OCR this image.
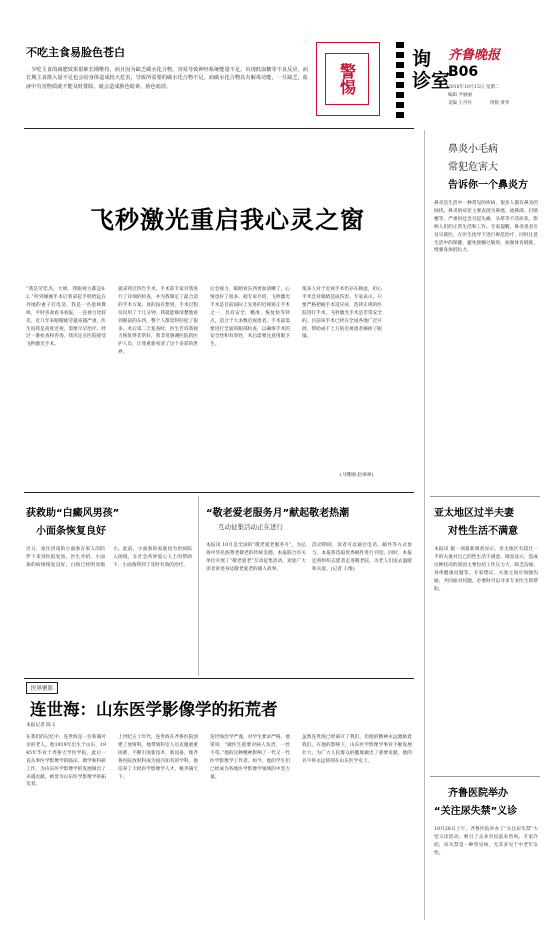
警惕
询
诊室
齐鲁晚报
B06
2016年10月15日 星期二
编辑 尹丽丽
美编 王丹丹	组版 黄华
不吃主食易脸色苍白
少吃主食的减肥效果很难长期维持，而且因为缺乏碳水化合物，容易导致神经系统能量不足，出现低血糖等不良反应。而长期主食摄入量不足也会给身体造成较大危害，导致所需要的碳水化合物不足，而碳水化合物具有解毒功能，一旦缺乏，血液中有害物质就不能及时排除，就会造成脸色暗黄、脸色暗淡。
飞秒激光重启我心灵之窗
“我是劳佳杰，大姐，我眼视力都是0.2，”听到刚刚手术后我拿起手机给远在外地的妻子打电话。我是一名退休教师，平时喜欢看书看报，一直视力比较差，近几年来眼睛疲劳越来越严重，医生说我是高度近视，需要尽早治疗。经过一番检查和咨询，我决定在医院接受飞秒激光手术。
就拿到过四台手术，手术前专家对我进行了详细的检查，并为我制定了最合适的手术方案。真的没有想到，手术过程仅仅用了十几分钟，我就能够清楚地看到眼前的东西，整个人都觉得轻松了很多。术后第二天复查时，医生告诉我视力恢复得非常好，我非常感谢医院的医护人员，让我重新看清了这个多彩的世界。
后会视力，眼睛看东西更加清晰了，心情也好了很多。据专家介绍，飞秒激光手术是目前国际上先进的近视矫正手术之一，具有安全、精准、恢复快等特点，适合于大多数近视患者。手术前需要进行全面的眼部检查，以确保手术的安全性和有效性，术后需要注意用眼卫生。
很多人对于近视手术仍存在顾虑，担心手术会对眼睛造成伤害。专家表示，只要严格把握手术适应症，选择正规的医院进行手术，飞秒激光手术是非常安全的。目前该手术已经在全国各地广泛开展，帮助成千上万的近视患者摘掉了眼镜。
(马继刚 赵翠翠)
鼻炎小毛病
常犯危害大
告诉你一个鼻炎方
鼻炎是生活中一种常见的疾病，很多人都有鼻炎的困扰。鼻炎的症状主要表现为鼻塞、流鼻涕、打喷嚏等，严重时还会引起头痛、头晕等不适症状，影响人们的正常生活和工作。专家提醒，鼻炎患者应及早就医，在医生指导下进行规范治疗，同时注意生活中的保健，避免接触过敏原，加强体育锻炼，增强身体抵抗力。
亚太地区过半夫妻
对性生活不满意
本报讯 据一项最新调查显示，亚太地区有超过一半的夫妻对自己的性生活不满意。调查显示，造成这种状况的原因主要包括工作压力大、缺乏沟通、身体健康问题等。专家建议，夫妻之间应加强沟通，共同面对问题，必要时可以寻求专业医生的帮助。
齐鲁医院举办
“关注尿失禁”义诊
10月26日上午，齐鲁医院举办了“关注尿失禁”大型义诊活动，吸引了众多市民前来咨询。专家介绍，尿失禁是一种常见病，尤其多见于中老年女性。
获救助“白癜风男孩”
小面条恢复良好
近日，家住济南的小面条在家人的陪伴下来到医院复查。医生介绍，小面条的病情恢复良好，白斑已经明显缩小。此前，小面条的家庭因为治病陷入困境，在社会各界爱心人士的帮助下，小面条得到了及时有效的治疗。
“敬老爱老服务月”献起敬老热潮
互动征集活动正在进行
本报讯 10月是全国的“敬老爱老服务月”，为弘扬中华民族尊老敬老的传统美德，本报联合有关单位开展了“敬老爱老”互动征集活动。欢迎广大读者讲述身边敬老爱老的感人故事。
活动期间，读者可以通过电话、邮件等方式参与，本报将选取优秀稿件进行刊登。同时，本报还将组织志愿者走进敬老院，为老人们送去温暖和关爱。(记者 王维)
医界聚影
连世海：山东医学影像学的拓荒者
本报记者 陈玉
在我们的记忆中，连世海是一位和蔼可亲的老人。他1919年出生于山东，1945年毕业于齐鲁大学医学院，此后一直从事医学影像学的临床、教学和科研工作，为山东医学影像学的发展做出了卓越贡献，被誉为山东医学影像学的拓荒者。
上世纪五十年代，连世海在齐鲁医院创建了放射科，他带领科室人员克服重重困难，不断引进新技术、新设备，使齐鲁医院放射科成为国内知名的学科。他培养了大批医学影像学人才，桃李满天下。
连世海治学严谨，对学生要求严格，他常说：“做医生就要对病人负责，一丝不苟。”他的这种精神影响了一代又一代医学影像学工作者。如今，他的学生们已经成为各地医学影像学领域的中坚力量。
虽然连世海已经离开了我们，但他的精神永远激励着我们。在他的影响下，山东医学影像学事业不断发展壮大，为广大人民群众的健康做出了重要贡献，他的名字将永远铭刻在山东医学史上。
